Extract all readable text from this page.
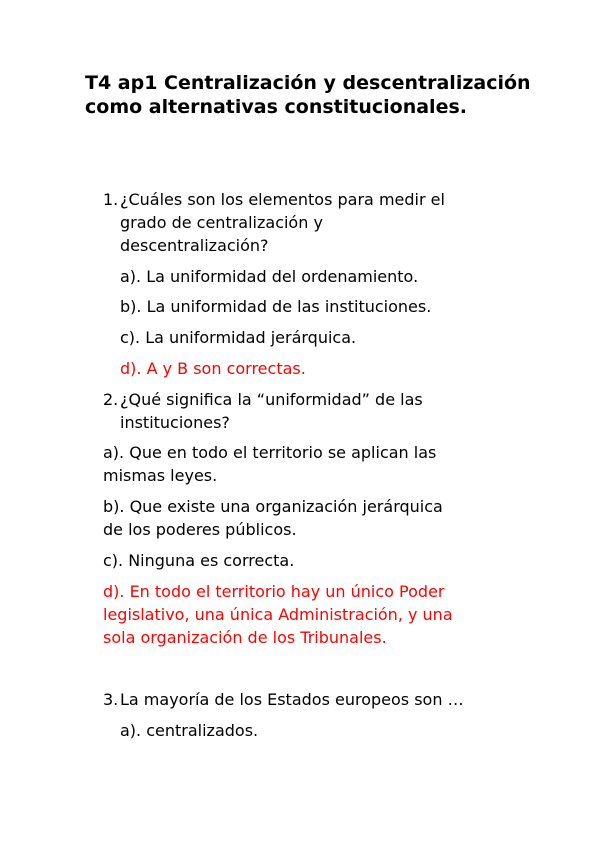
T4 ap1 Centralización y descentralización como alternativas constitucionales.
1. ¿Cuáles son los elementos para medir el
grado de centralización y
descentralización?
a). La uniformidad del ordenamiento.
b). La uniformidad de las instituciones.
c). La uniformidad jerárquica.
d). A y B son correctas.
2. ¿Qué significa la “uniformidad” de las
instituciones?
a). Que en todo el territorio se aplican las
mismas leyes.
b). Que existe una organización jerárquica
de los poderes públicos.
c). Ninguna es correcta.
d). En todo el territorio hay un único Poder
legislativo, una única Administración, y una
sola organización de los Tribunales.
3. La mayoría de los Estados europeos son …
a). centralizados.
